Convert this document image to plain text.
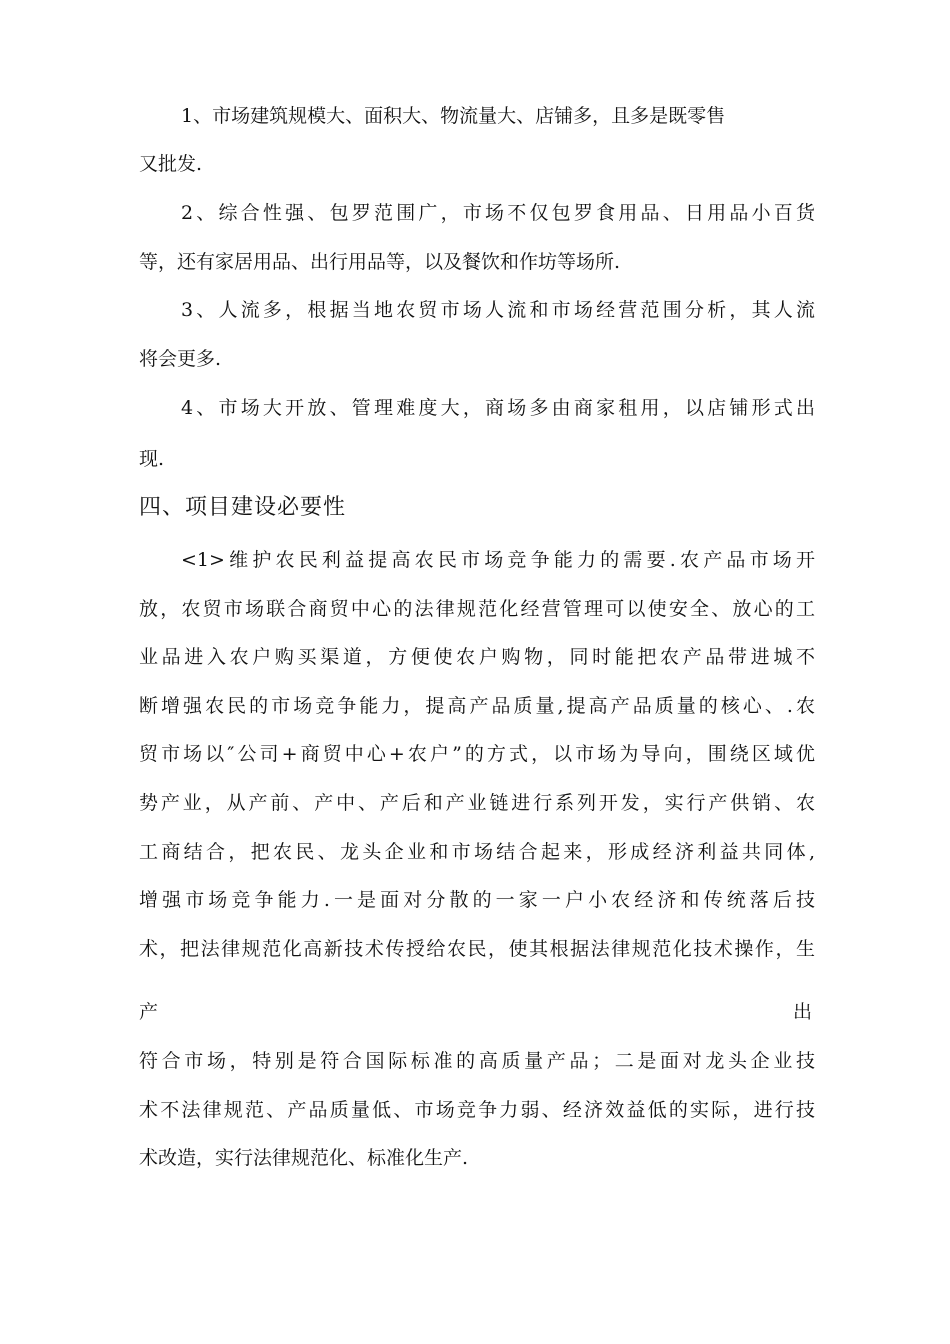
1、市场建筑规模大、面积大、物流量大、店铺多，且多是既零售
又批发.
2、综合性强、包罗范围广，市场不仅包罗食用品、日用品小百货
等，还有家居用品、出行用品等，以及餐饮和作坊等场所.
3、人流多，根据当地农贸市场人流和市场经营范围分析，其人流
将会更多.
4、市场大开放、管理难度大，商场多由商家租用，以店铺形式出
现.
四、项目建设必要性
<1>维护农民利益提高农民市场竞争能力的需要.农产品市场开
放，农贸市场联合商贸中心的法律规范化经营管理可以使安全、放心的工
业品进入农户购买渠道，方便使农户购物，同时能把农产品带进城不
断增强农民的市场竞争能力，提高产品质量,提高产品质量的核心、.农
贸市场以″公司+商贸中心+农户”的方式，以市场为导向，围绕区域优
势产业，从产前、产中、产后和产业链进行系列开发，实行产供销、农
工商结合，把农民、龙头企业和市场结合起来，形成经济利益共同体,
增强市场竞争能力.一是面对分散的一家一户小农经济和传统落后技
术，把法律规范化高新技术传授给农民，使其根据法律规范化技术操作，生
产	出
符合市场，特别是符合国际标准的高质量产品；二是面对龙头企业技
术不法律规范、产品质量低、市场竞争力弱、经济效益低的实际，进行技
术改造，实行法律规范化、标准化生产.
